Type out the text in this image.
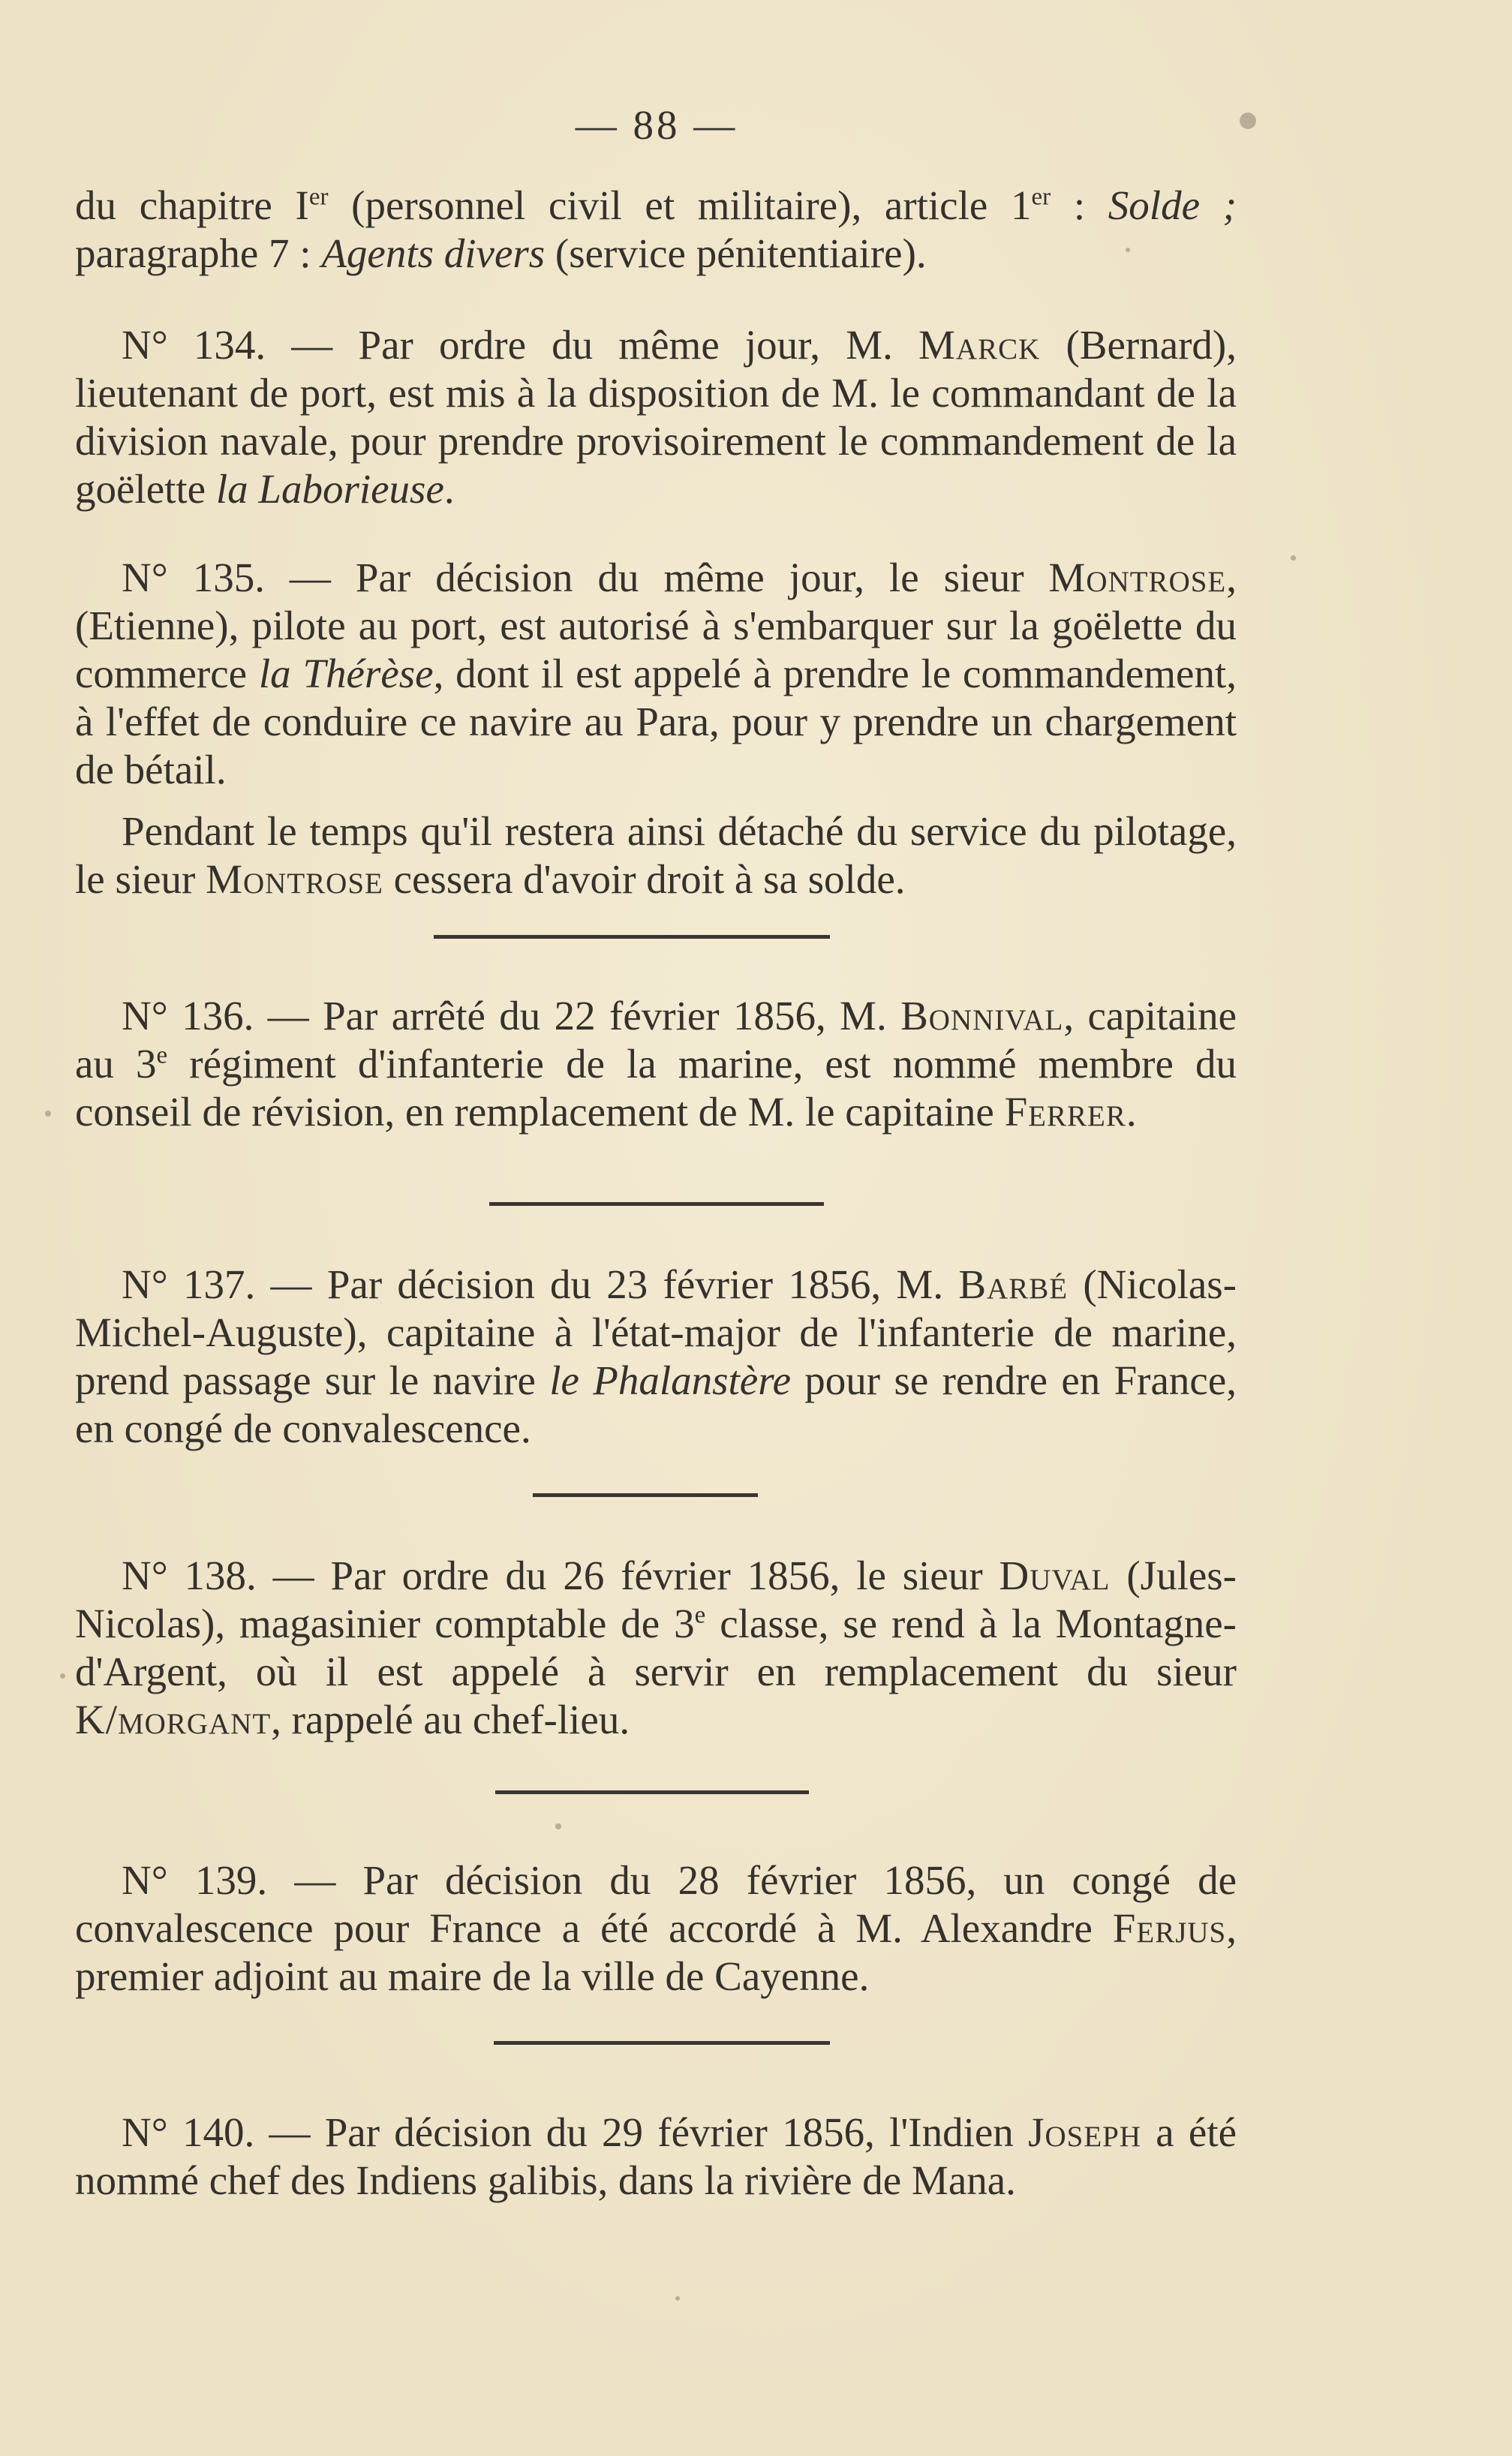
— 88 —

du chapitre Ier (personnel civil et militaire), article 1er : Solde ; paragraphe 7 : Agents divers (service pénitentiaire).

N° 134. — Par ordre du même jour, M. Marck (Bernard), lieutenant de port, est mis à la disposition de M. le commandant de la division navale, pour prendre provisoirement le commandement de la goëlette la Laborieuse.

N° 135. — Par décision du même jour, le sieur Montrose, (Etienne), pilote au port, est autorisé à s'embarquer sur la goëlette du commerce la Thérèse, dont il est appelé à prendre le commandement, à l'effet de conduire ce navire au Para, pour y prendre un chargement de bétail.

Pendant le temps qu'il restera ainsi détaché du service du pilotage, le sieur Montrose cessera d'avoir droit à sa solde.

N° 136. — Par arrêté du 22 février 1856, M. Bonnival, capitaine au 3e régiment d'infanterie de la marine, est nommé membre du conseil de révision, en remplacement de M. le capitaine Ferrer.

N° 137. — Par décision du 23 février 1856, M. Barbé (Nicolas-Michel-Auguste), capitaine à l'état-major de l'infanterie de marine, prend passage sur le navire le Phalanstère pour se rendre en France, en congé de convalescence.

N° 138. — Par ordre du 26 février 1856, le sieur Duval (Jules-Nicolas), magasinier comptable de 3e classe, se rend à la Montagne-d'Argent, où il est appelé à servir en remplacement du sieur K/morgant, rappelé au chef-lieu.

N° 139. — Par décision du 28 février 1856, un congé de convalescence pour France a été accordé à M. Alexandre Ferjus, premier adjoint au maire de la ville de Cayenne.

N° 140. — Par décision du 29 février 1856, l'Indien Joseph a été nommé chef des Indiens galibis, dans la rivière de Mana.
